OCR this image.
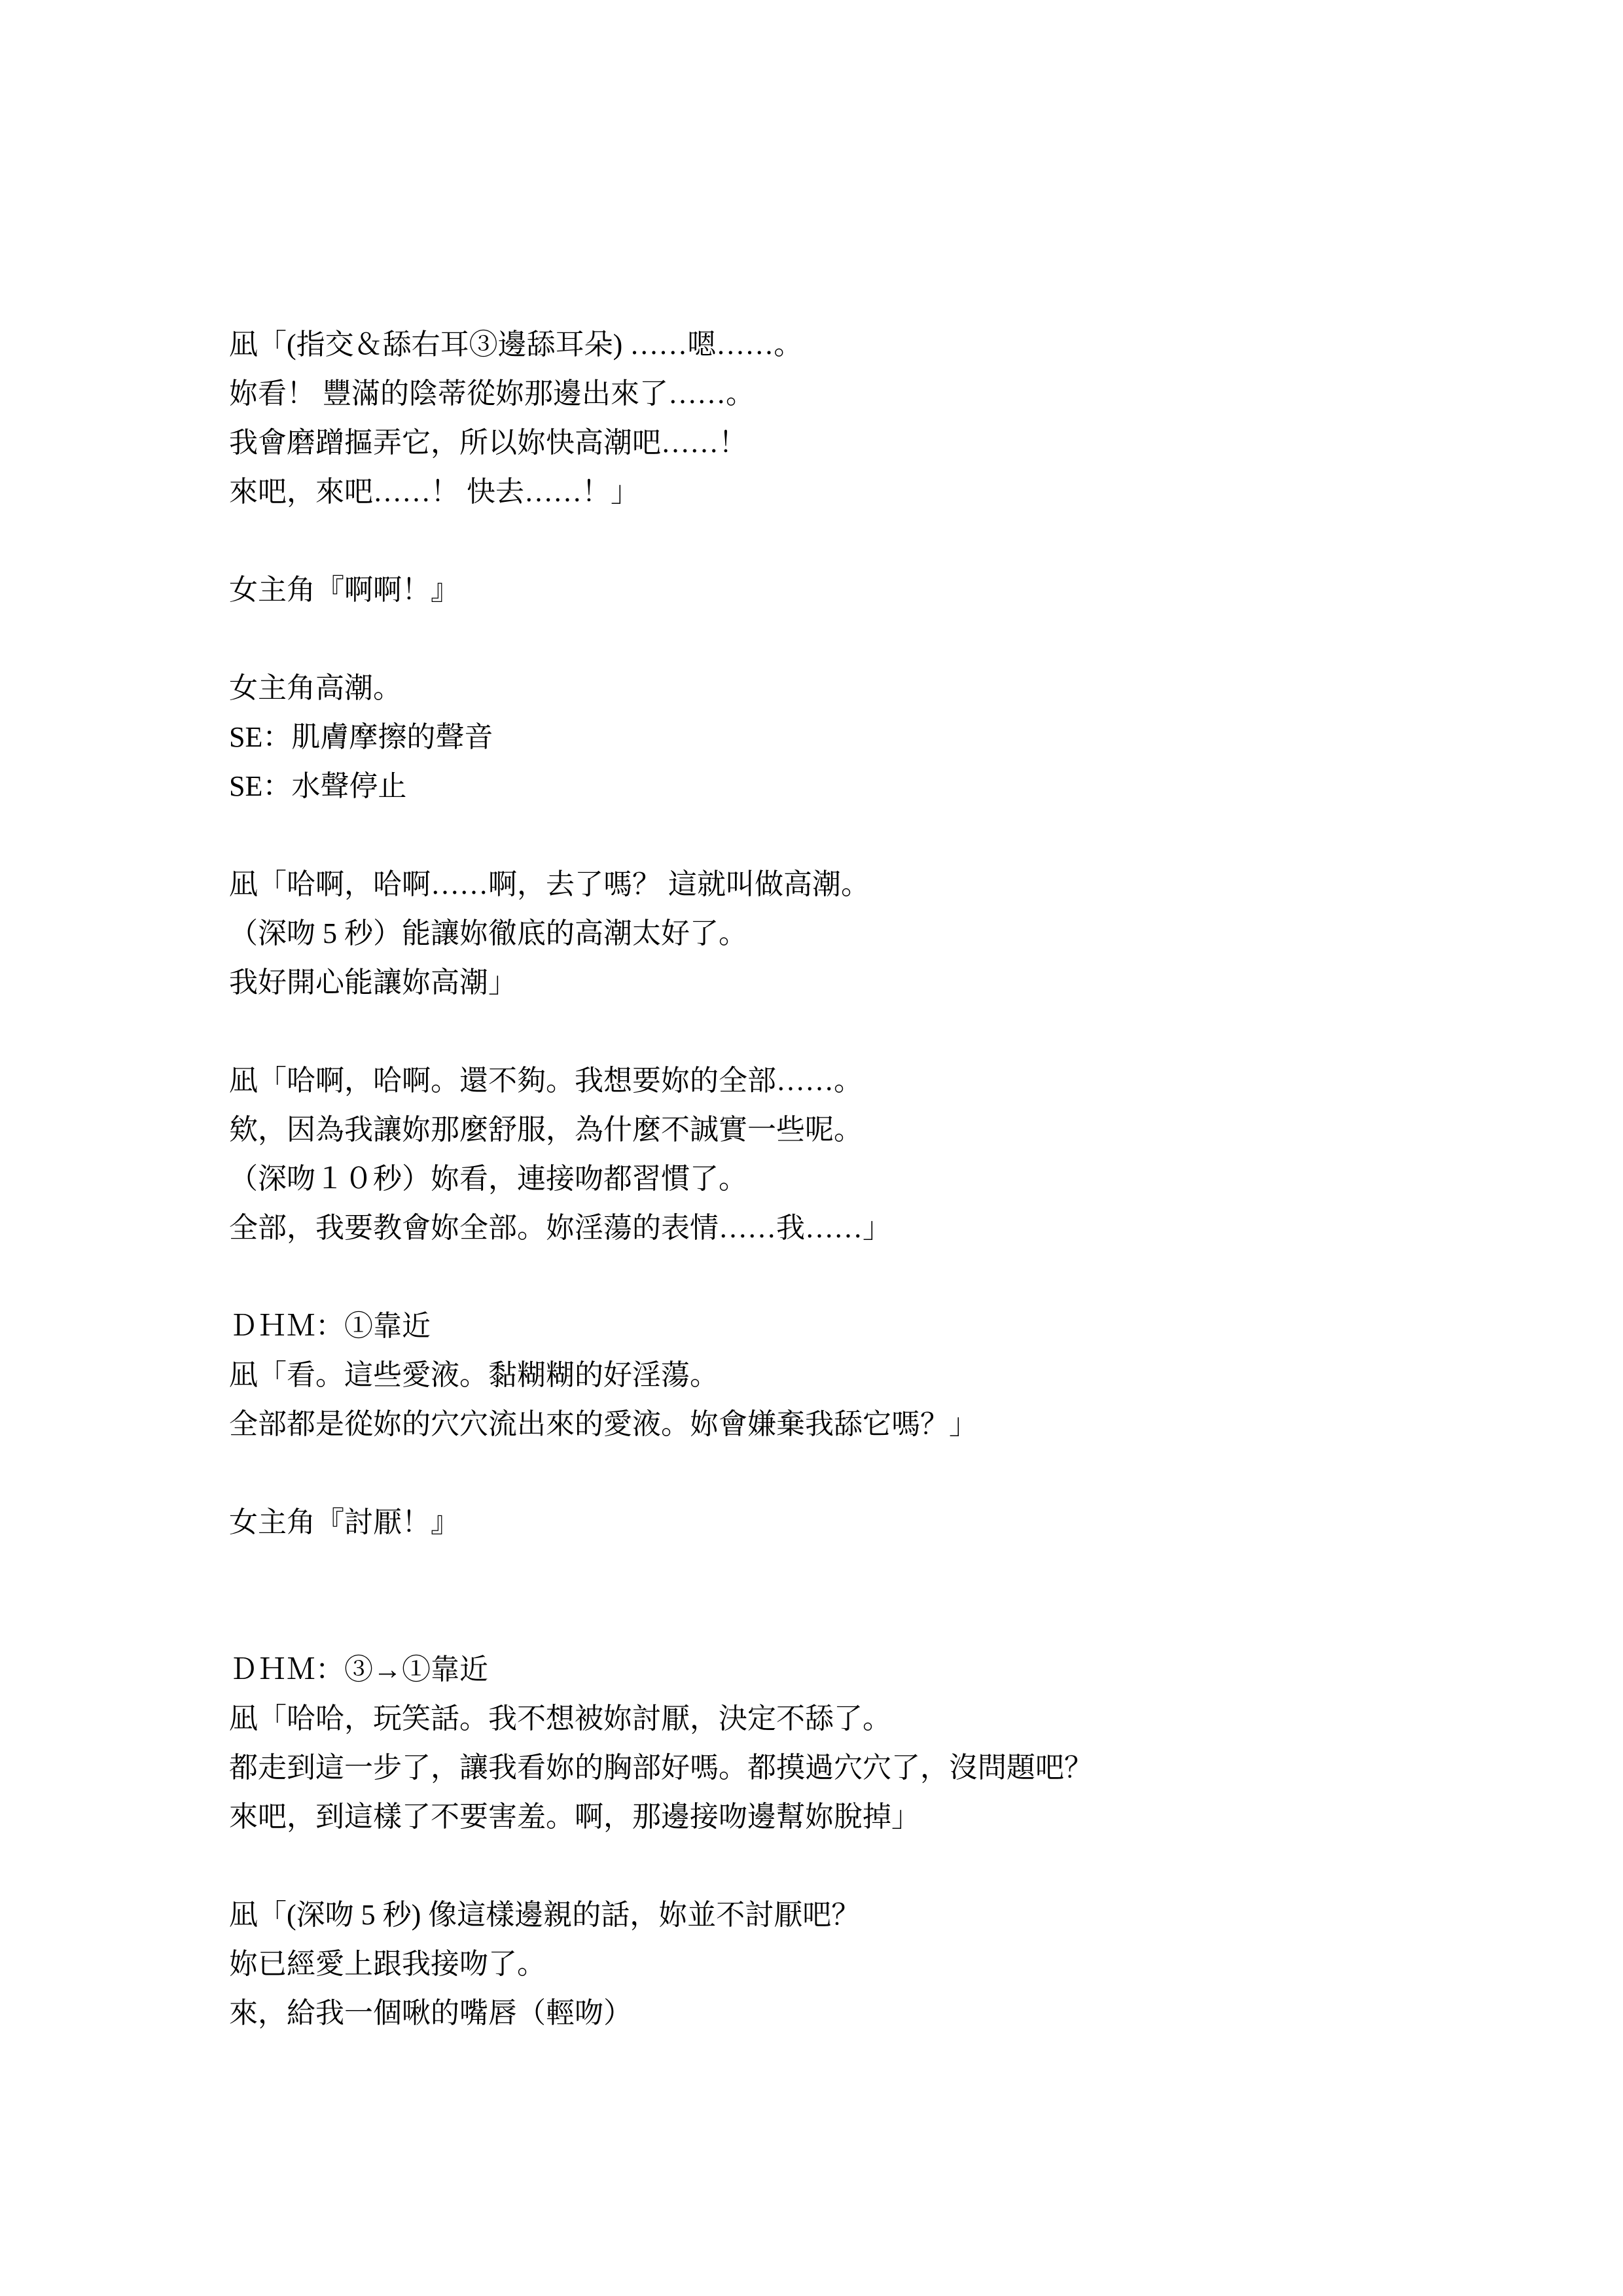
凪「(指交＆舔右耳③邊舔耳朵) ……嗯……。
妳看！ 豐滿的陰蒂從妳那邊出來了……。
我會磨蹭摳弄它，所以妳快高潮吧……！
來吧，來吧……！ 快去……！」
女主角『啊啊！』
女主角高潮。
SE：肌膚摩擦的聲音
SE：水聲停止
凪「哈啊，哈啊……啊，去了嗎？ 這就叫做高潮。
（深吻 5 秒）能讓妳徹底的高潮太好了。
我好開心能讓妳高潮」
凪「哈啊，哈啊。還不夠。我想要妳的全部……。
欸，因為我讓妳那麼舒服，為什麼不誠實一些呢。
（深吻１０秒）妳看，連接吻都習慣了。
全部，我要教會妳全部。妳淫蕩的表情……我……」
ＤＨＭ：①靠近
凪「看。這些愛液。黏糊糊的好淫蕩。
全部都是從妳的穴穴流出來的愛液。妳會嫌棄我舔它嗎？」
女主角『討厭！』
ＤＨＭ：③→①靠近
凪「哈哈，玩笑話。我不想被妳討厭，決定不舔了。
都走到這一步了，讓我看妳的胸部好嗎。都摸過穴穴了，沒問題吧？
來吧，到這樣了不要害羞。啊，那邊接吻邊幫妳脫掉」
凪「(深吻 5 秒) 像這樣邊親的話，妳並不討厭吧？
妳已經愛上跟我接吻了。
來，給我一個啾的嘴唇（輕吻）
